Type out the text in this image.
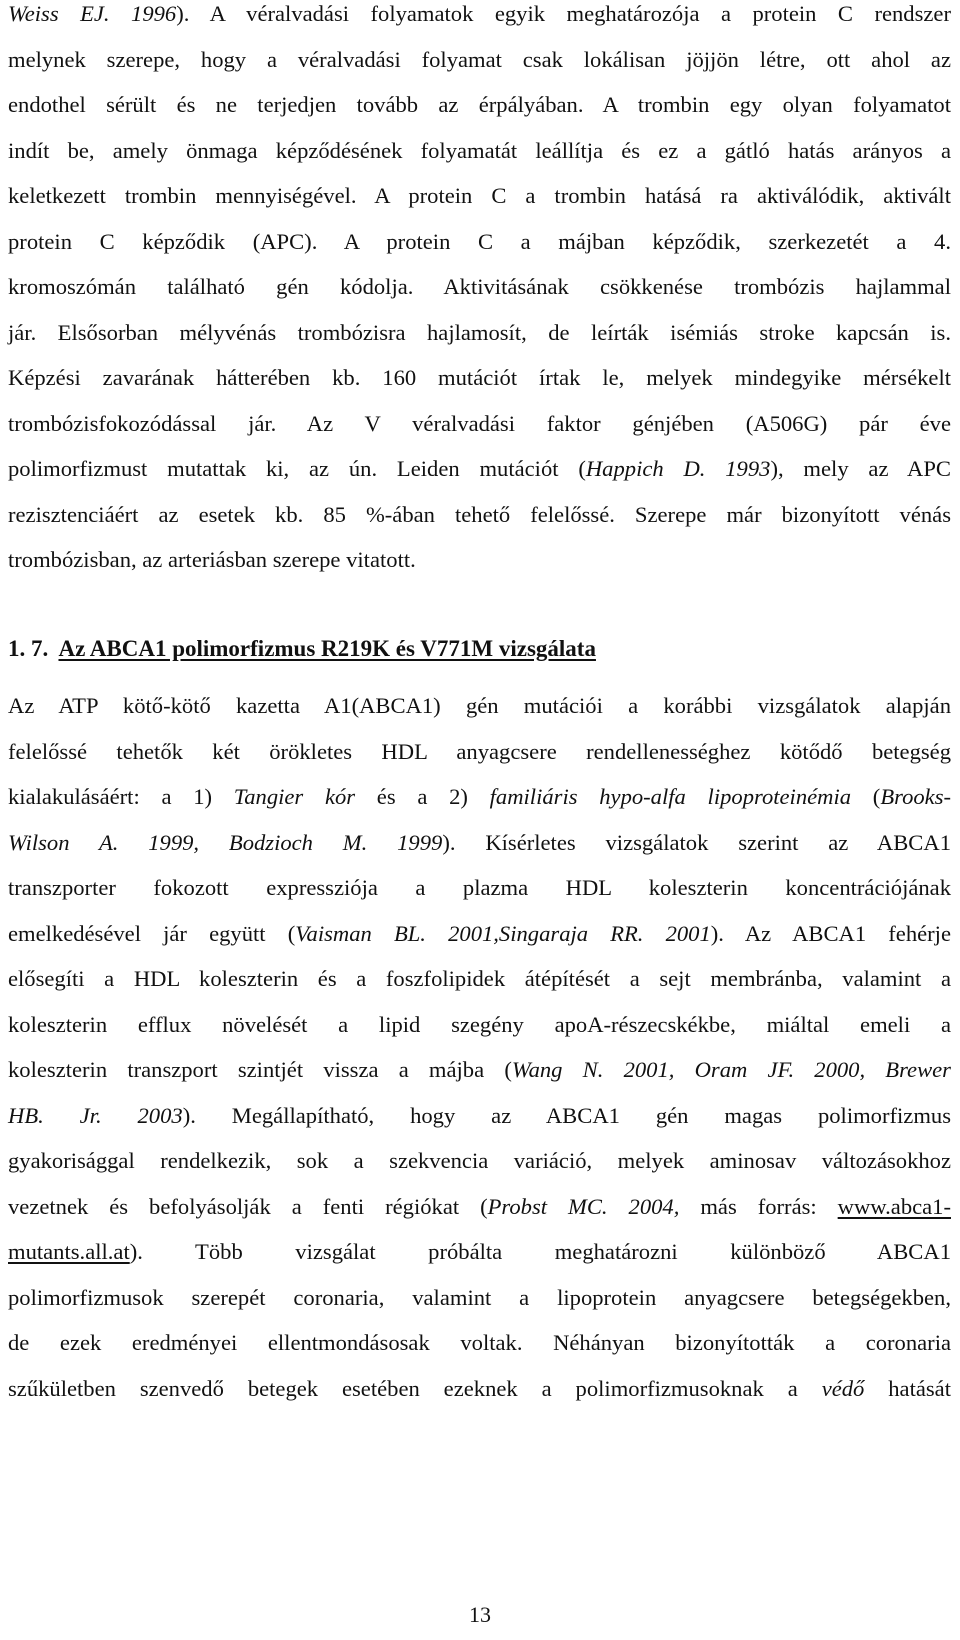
Weiss EJ. 1996). A véralvadási folyamatok egyik meghatározója a protein C rendszer
melynek szerepe, hogy a véralvadási folyamat csak lokálisan jöjjön létre, ott ahol az
endothel sérült és ne terjedjen tovább az érpályában. A trombin egy olyan folyamatot
indít be, amely önmaga képződésének folyamatát leállítja és ez a gátló hatás arányos a
keletkezett trombin mennyiségével. A protein C a trombin hatásá ra aktiválódik, aktivált
protein C képződik (APC). A protein C a májban képződik, szerkezetét a 4.
kromoszómán található gén kódolja. Aktivitásának csökkenése trombózis hajlammal
jár. Elsősorban mélyvénás trombózisra hajlamosít, de leírták isémiás stroke kapcsán is.
Képzési zavarának hátterében kb. 160 mutációt írtak le, melyek mindegyike mérsékelt
trombózisfokozódással jár. Az V véralvadási faktor génjében (A506G) pár éve
polimorfizmust mutattak ki, az ún. Leiden mutációt (Happich D. 1993), mely az APC
rezisztenciáért az esetek kb. 85 %-ában tehető felelőssé. Szerepe már bizonyított vénás
trombózisban, az arteriásban szerepe vitatott.
1. 7. Az ABCA1 polimorfizmus R219K és V771M vizsgálata
Az ATP kötő-kötő kazetta A1(ABCA1) gén mutációi a korábbi vizsgálatok alapján
felelőssé tehetők két örökletes HDL anyagcsere rendellenességhez kötődő betegség
kialakulásáért: a 1) Tangier kór és a 2) familiáris hypo-alfa lipoproteinémia (Brooks-
Wilson A. 1999, Bodzioch M. 1999). Kísérletes vizsgálatok szerint az ABCA1
transzporter fokozott expressziója a plazma HDL koleszterin koncentrációjának
emelkedésével jár együtt (Vaisman BL. 2001,Singaraja RR. 2001). Az ABCA1 fehérje
elősegíti a HDL koleszterin és a foszfolipidek átépítését a sejt membránba, valamint a
koleszterin efflux növelését a lipid szegény apoA-részecskékbe, miáltal emeli a
koleszterin transzport szintjét vissza a májba (Wang N. 2001, Oram JF. 2000, Brewer
HB. Jr. 2003). Megállapítható, hogy az ABCA1 gén magas polimorfizmus
gyakorisággal rendelkezik, sok a szekvencia variáció, melyek aminosav változásokhoz
vezetnek és befolyásolják a fenti régiókat (Probst MC. 2004, más forrás: www.abca1-
mutants.all.at). Több vizsgálat próbálta meghatározni különböző ABCA1
polimorfizmusok szerepét coronaria, valamint a lipoprotein anyagcsere betegségekben,
de ezek eredményei ellentmondásosak voltak. Néhányan bizonyították a coronaria
szűkületben szenvedő betegek esetében ezeknek a polimorfizmusoknak a védő hatását
13
